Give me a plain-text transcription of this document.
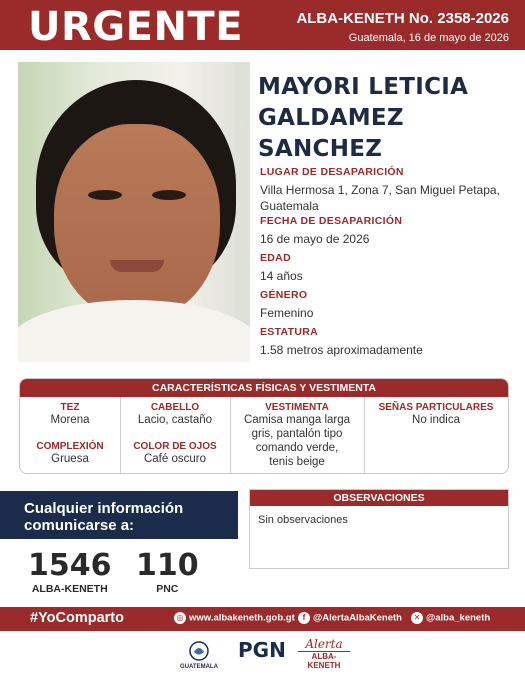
URGENTE	ALBA-KENETH No. 2358-2026
Guatemala, 16 de mayo de 2026
MAYORI LETICIA
GALDAMEZ SANCHEZ
LUGAR DE DESAPARICIÓN
Villa Hermosa 1, Zona 7, San Miguel Petapa,
Guatemala
FECHA DE DESAPARICIÓN
16 de mayo de 2026
EDAD
14 años
GÉNERO
Femenino
ESTATURA
1.58 metros aproximadamente
CARACTERÍSTICAS FÍSICAS Y VESTIMENTA
TEZ
Morena
COMPLEXIÓN
Gruesa
CABELLO
Lacio, castaño
COLOR DE OJOS
Café oscuro
VESTIMENTA
Camisa manga larga
gris, pantalón tipo
comando verde,
tenis beige
SEÑAS PARTICULARES
No indica
Cualquier información
comunicarse a:
1546
ALBA-KENETH
110
PNC
OBSERVACIONES
Sin observaciones
#YoComparto	◎ www.albakeneth.gob.gt f @AlertaAlbaKeneth	✕ @alba_keneth
GUATEMALA
PGN	Alerta
ALBA-KENETH
